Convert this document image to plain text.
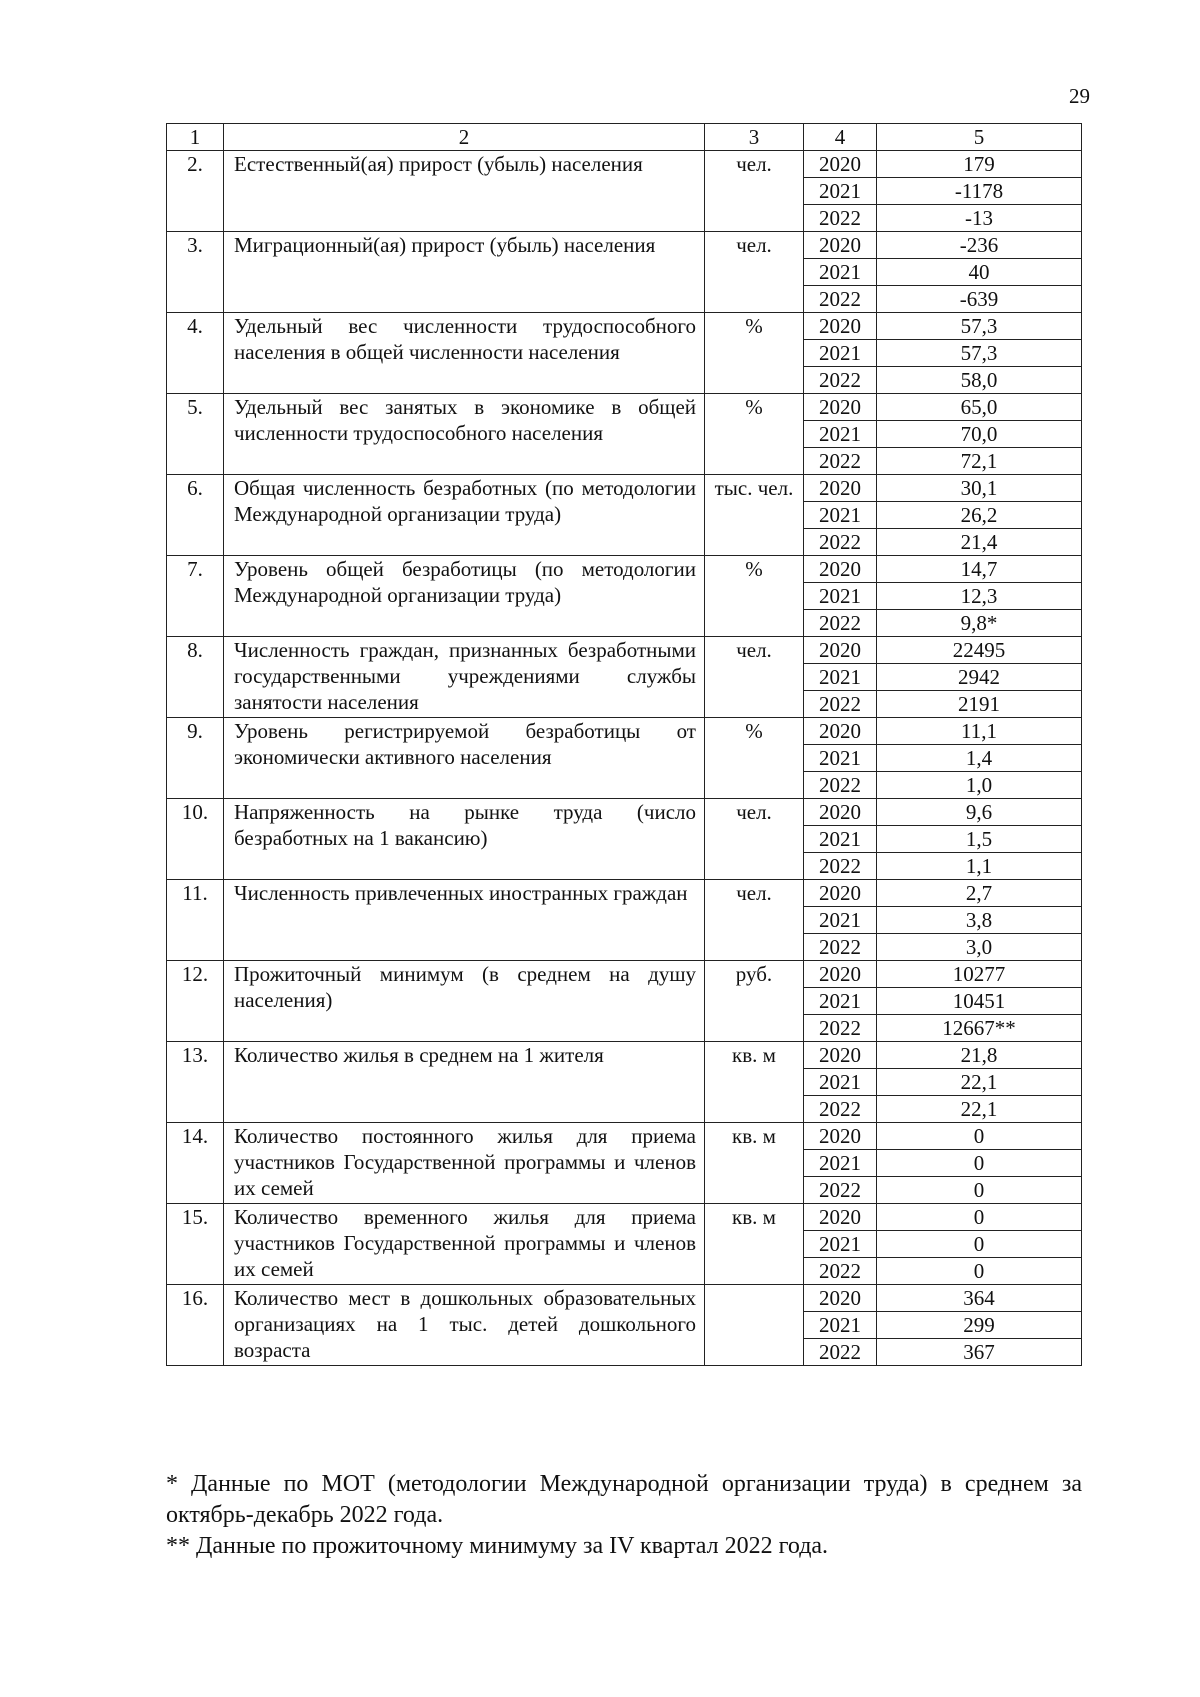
29
1	2	3	4	5
2.	Естественный(ая) прирост (убыль) населения	чел.	2020	179
			2021	-1178
			2022	-13
3.	Миграционный(ая) прирост (убыль) населения	чел.	2020	-236
			2021	40
			2022	-639
4.	Удельный вес численности трудоспособного населения в общей численности населения	%	2020	57,3
			2021	57,3
			2022	58,0
5.	Удельный вес занятых в экономике в общей численности трудоспособного населения	%	2020	65,0
			2021	70,0
			2022	72,1
6.	Общая численность безработных (по методологии Международной организации труда)	тыс. чел.	2020	30,1
			2021	26,2
			2022	21,4
7.	Уровень общей безработицы (по методологии Международной организации труда)	%	2020	14,7
			2021	12,3
			2022	9,8*
8.	Численность граждан, признанных безработными государственными учреждениями службы занятости населения	чел.	2020	22495
			2021	2942
			2022	2191
9.	Уровень регистрируемой безработицы от экономически активного населения	%	2020	11,1
			2021	1,4
			2022	1,0
10.	Напряженность на рынке труда (число безработных на 1 вакансию)	чел.	2020	9,6
			2021	1,5
			2022	1,1
11.	Численность привлеченных иностранных граждан	чел.	2020	2,7
			2021	3,8
			2022	3,0
12.	Прожиточный минимум (в среднем на душу населения)	руб.	2020	10277
			2021	10451
			2022	12667**
13.	Количество жилья в среднем на 1 жителя	кв. м	2020	21,8
			2021	22,1
			2022	22,1
14.	Количество постоянного жилья для приема участников Государственной программы и членов их семей	кв. м	2020	0
			2021	0
			2022	0
15.	Количество временного жилья для приема участников Государственной программы и членов их семей	кв. м	2020	0
			2021	0
			2022	0
16.	Количество мест в дошкольных образовательных организациях на 1 тыс. детей дошкольного возраста		2020	364
			2021	299
			2022	367

* Данные по МОТ (методологии Международной организации труда) в среднем за октябрь-декабрь 2022 года.

** Данные по прожиточному минимуму за IV квартал 2022 года.
